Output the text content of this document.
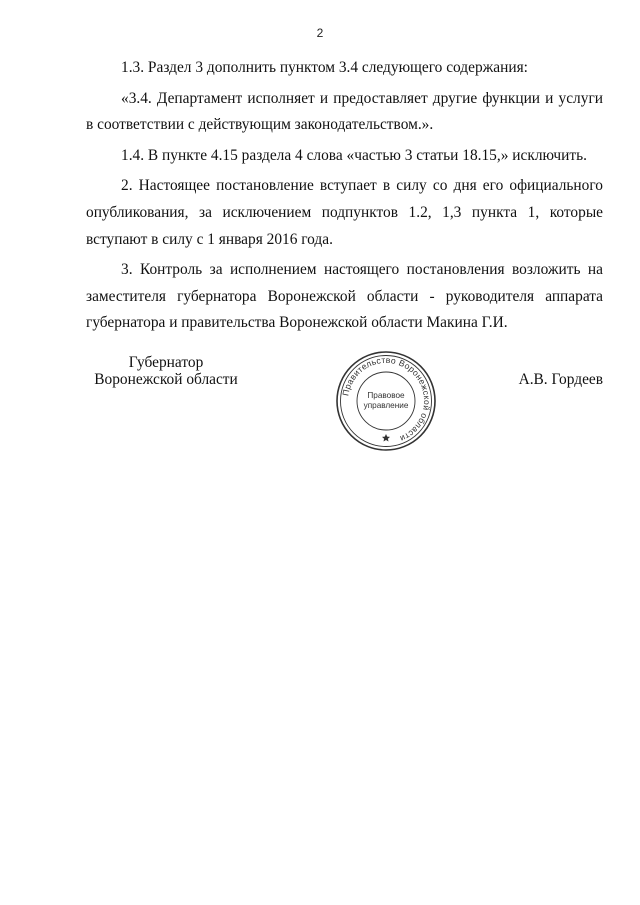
2

1.3. Раздел 3 дополнить пунктом 3.4 следующего содержания:

«3.4. Департамент исполняет и предоставляет другие функции и услуги в соответствии с действующим законодательством.».

1.4. В пункте 4.15 раздела 4 слова «частью 3 статьи 18.15,» исключить.

2. Настоящее постановление вступает в силу со дня его официального опубликования, за исключением подпунктов 1.2, 1,3 пункта 1, которые вступают в силу с 1 января 2016 года.

3. Контроль за исполнением настоящего постановления возложить на заместителя губернатора Воронежской области - руководителя аппарата губернатора и правительства Воронежской области Макина Г.И.

Губернатор
Воронежской области
Правительство Воронежской области
Правовое
управление
А.В. Гордеев
